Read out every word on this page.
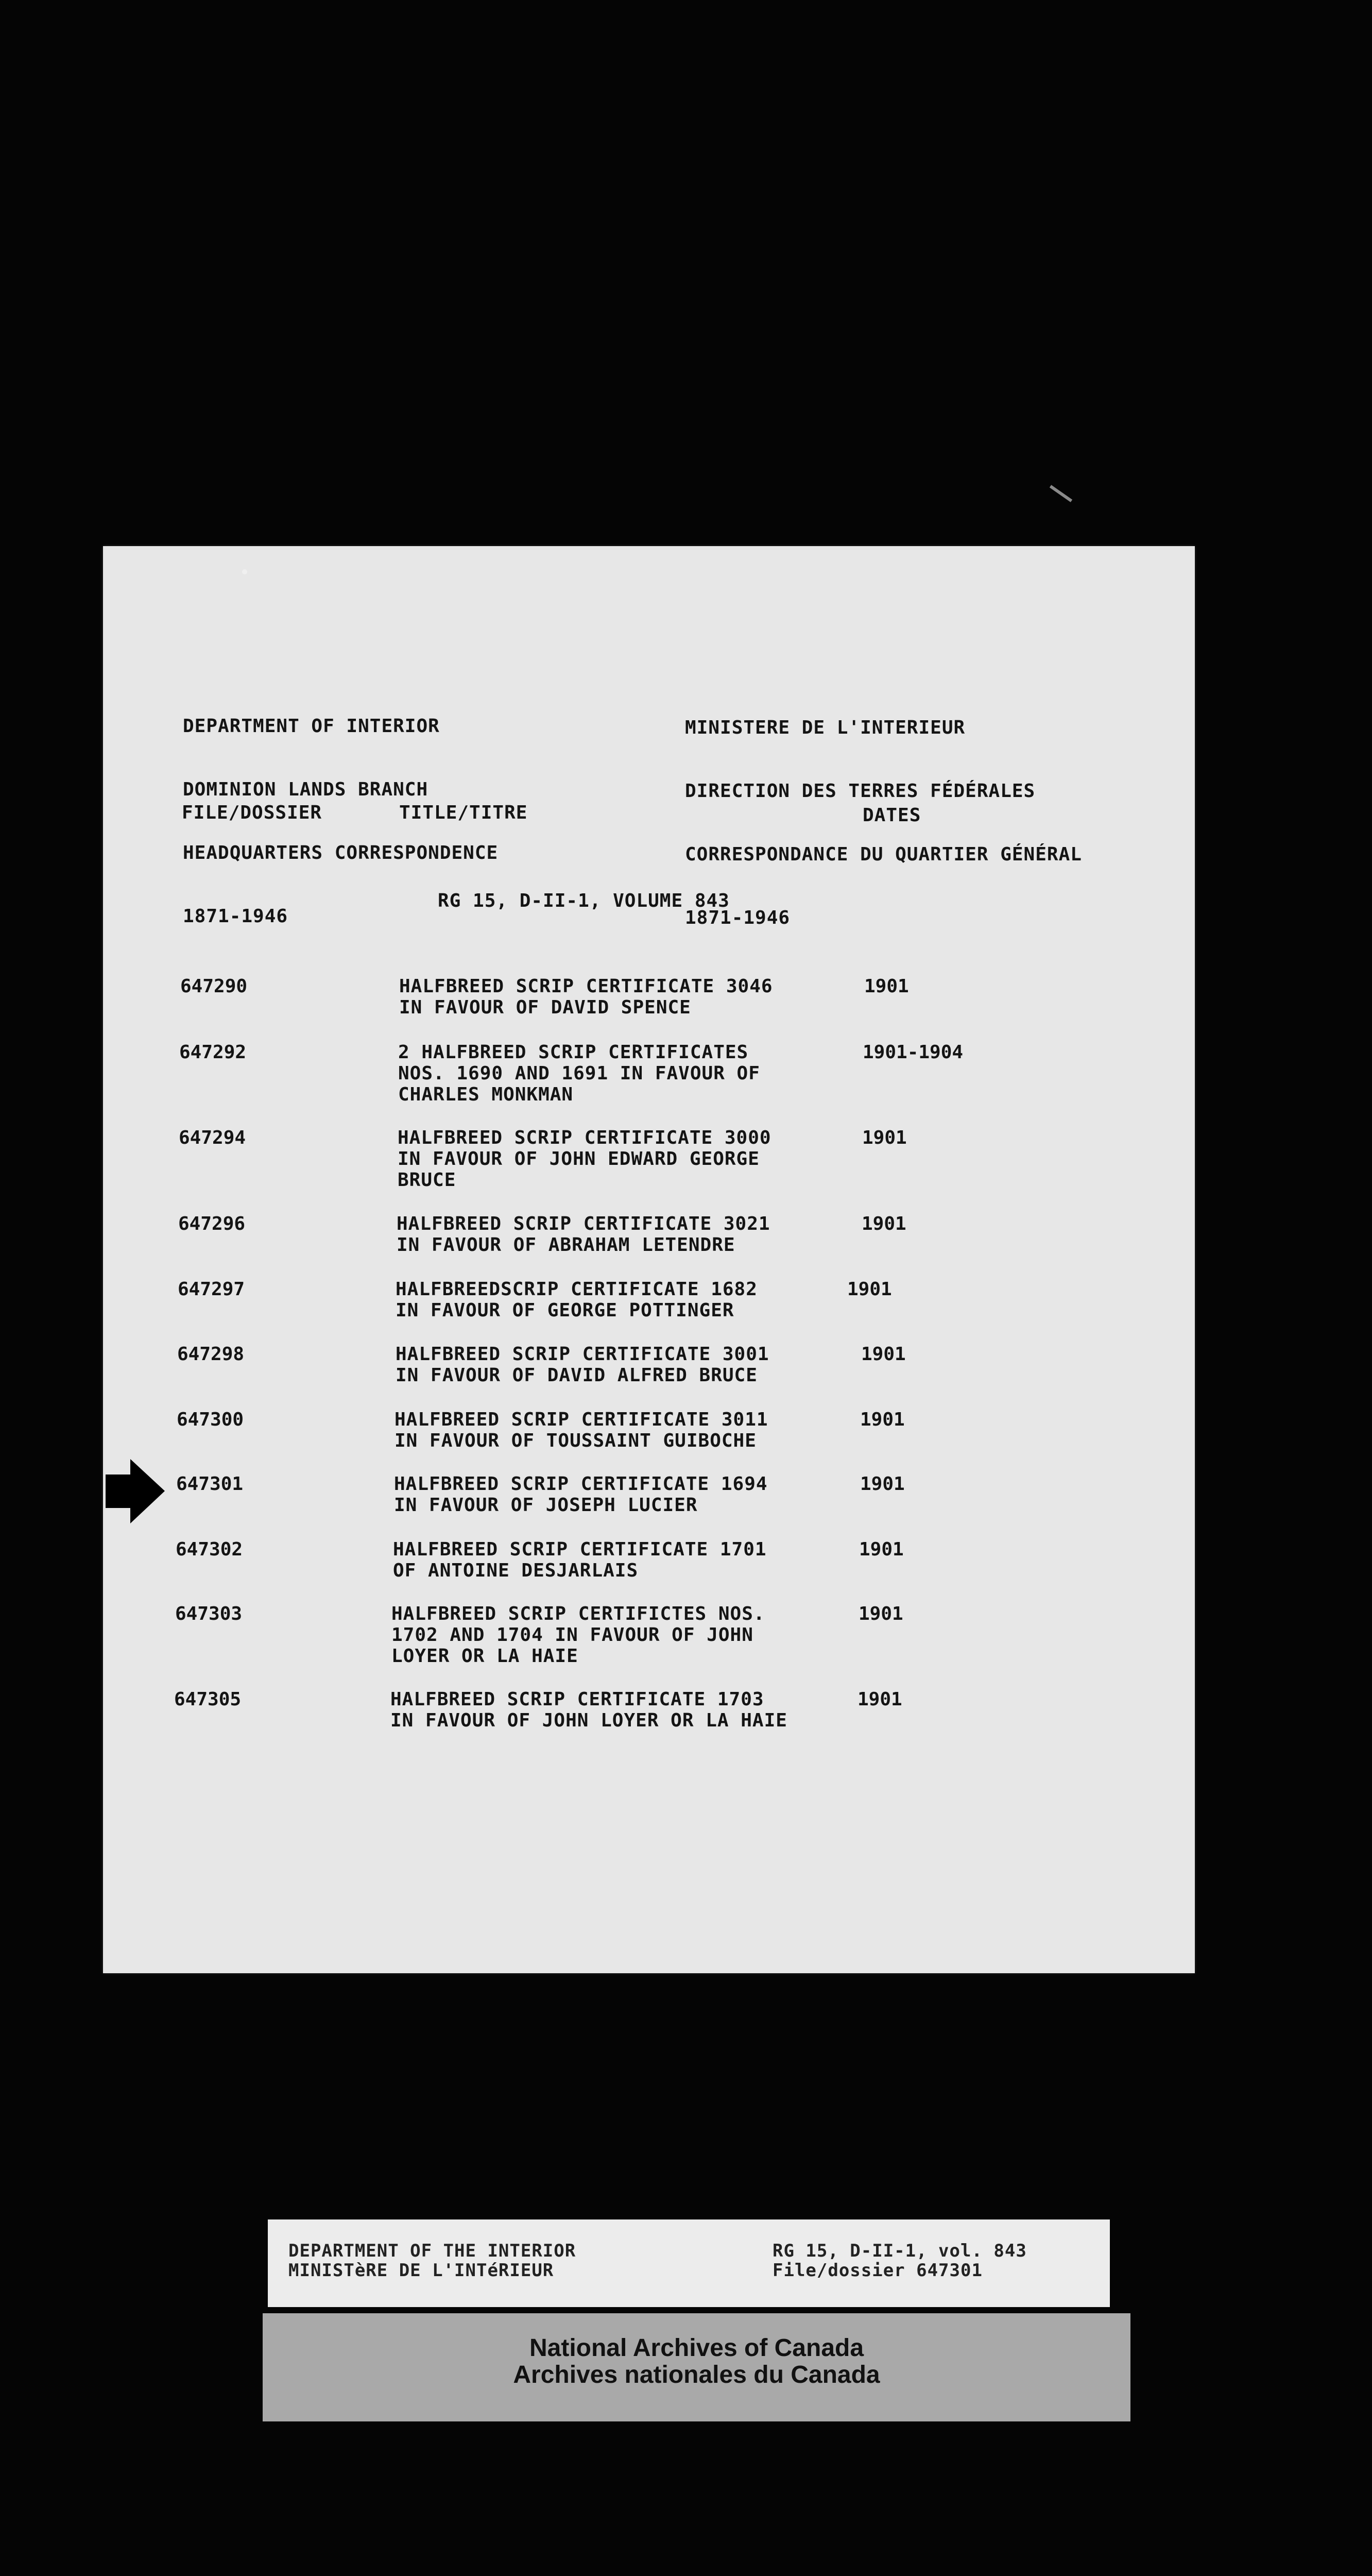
DEPARTMENT OF INTERIOR

DOMINION LANDS BRANCH

HEADQUARTERS CORRESPONDENCE

1871-1946

MINISTERE DE L'INTERIEUR

DIRECTION DES TERRES FÉDÉRALES

CORRESPONDANCE DU QUARTIER GÉNÉRAL

1871-1946

FILE/DOSSIER	TITLE/TITRE	DATES
RG 15, D-II-1, VOLUME 843
647290	HALFBREED SCRIP CERTIFICATE 3046
IN FAVOUR OF DAVID SPENCE
1901
647292	2 HALFBREED SCRIP CERTIFICATES
NOS. 1690 AND 1691 IN FAVOUR OF
CHARLES MONKMAN
1901-1904
647294	HALFBREED SCRIP CERTIFICATE 3000
IN FAVOUR OF JOHN EDWARD GEORGE
BRUCE
1901
647296	HALFBREED SCRIP CERTIFICATE 3021
IN FAVOUR OF ABRAHAM LETENDRE
1901
647297	HALFBREEDSCRIP CERTIFICATE 1682
IN FAVOUR OF GEORGE POTTINGER
1901
647298	HALFBREED SCRIP CERTIFICATE 3001
IN FAVOUR OF DAVID ALFRED BRUCE
1901
647300	HALFBREED SCRIP CERTIFICATE 3011
IN FAVOUR OF TOUSSAINT GUIBOCHE
1901
647301	HALFBREED SCRIP CERTIFICATE 1694
IN FAVOUR OF JOSEPH LUCIER
1901
647302	HALFBREED SCRIP CERTIFICATE 1701
OF ANTOINE DESJARLAIS
1901
647303	HALFBREED SCRIP CERTIFICTES NOS.
1702 AND 1704 IN FAVOUR OF JOHN
LOYER OR LA HAIE
1901
647305	HALFBREED SCRIP CERTIFICATE 1703
IN FAVOUR OF JOHN LOYER OR LA HAIE
1901
DEPARTMENT OF THE INTERIOR
MINISTèRE DE L'INTéRIEUR
RG 15, D-II-1, vol. 843
File/dossier 647301
National Archives of Canada
Archives nationales du Canada
